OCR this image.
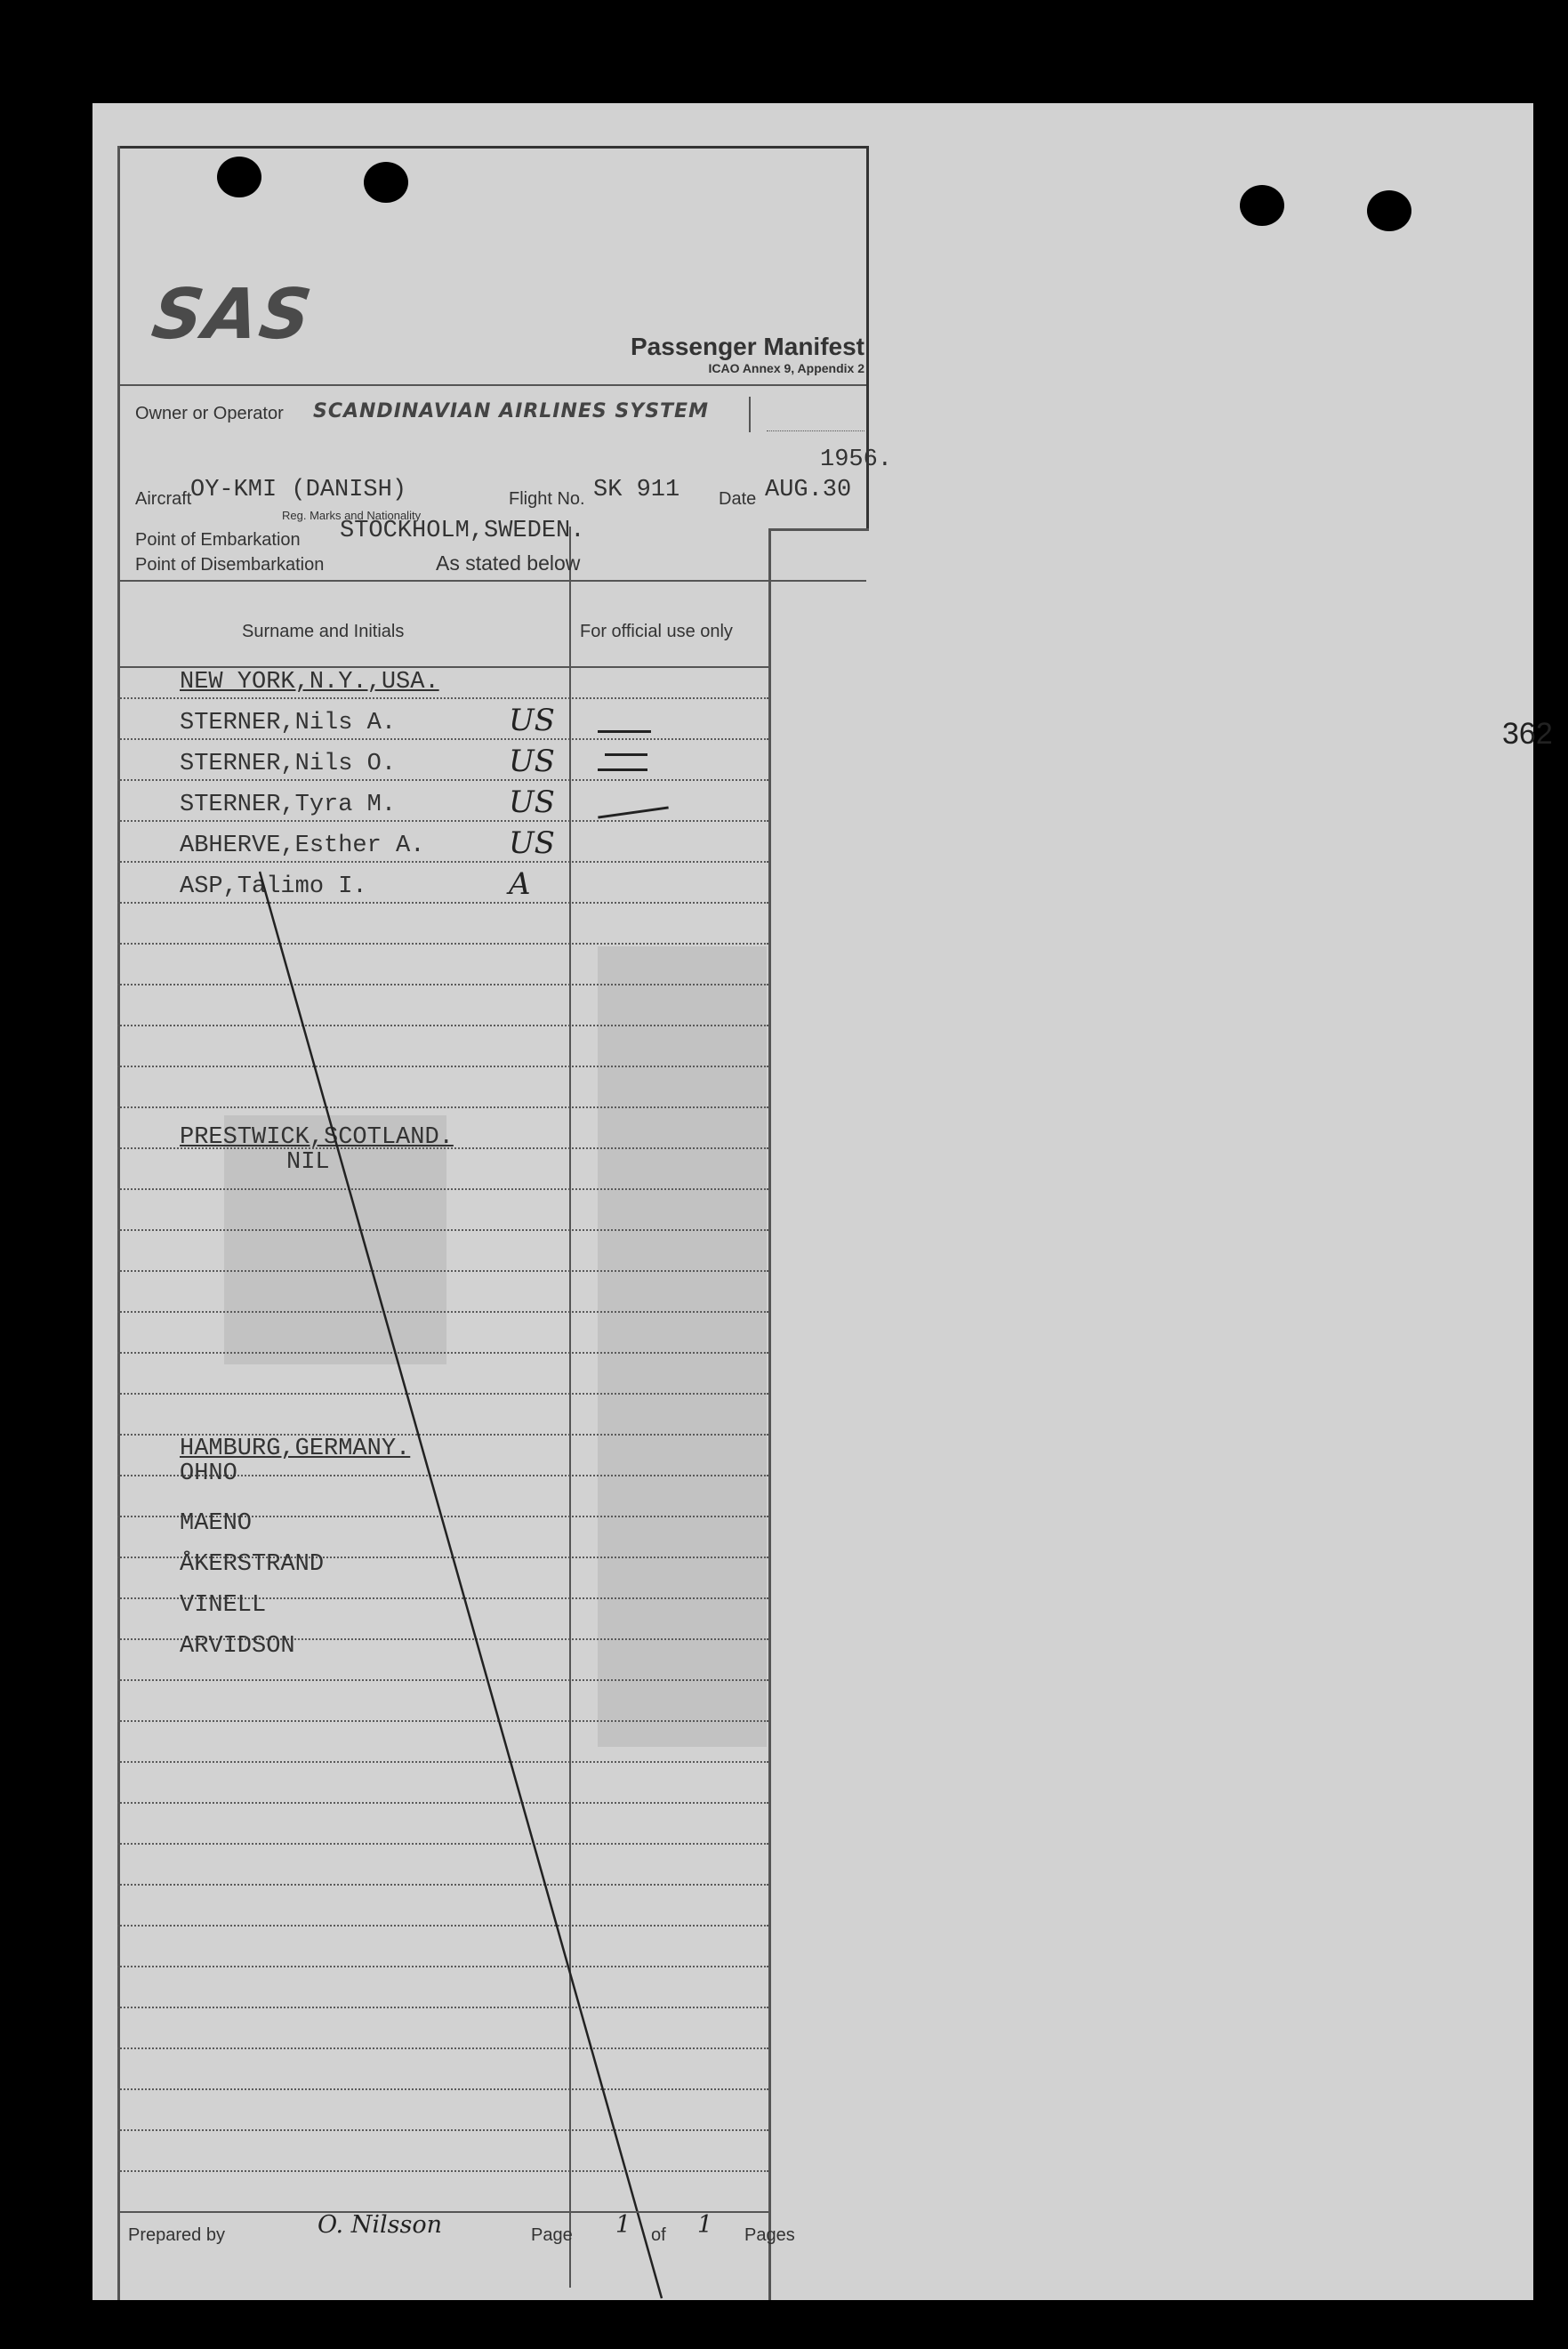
362
SAS	Passenger Manifest
ICAO Annex 9, Appendix 2
Owner or Operator SCANDINAVIAN AIRLINES SYSTEM
1956.
Aircraft
OY-KMI (DANISH)
Reg. Marks and Nationality
Flight No. SK 911 Date AUG.30
Point of Embarkation STOCKHOLM,SWEDEN.
Point of Disembarkation	As stated below
Surname and Initials	For official use only
NEW YORK,N.Y.,USA.
STERNER,Nils A.	US
STERNER,Nils O.	US
STERNER,Tyra M.	US
ABHERVE,Esther A.	US
ASP,Talimo I.	A
PRESTWICK,SCOTLAND.
NIL
HAMBURG,GERMANY.
OHNO
MAENO
ÅKERSTRAND
VINELL
ARVIDSON
Prepared by	O. Nilsson	Page 1 of 1 Pages
